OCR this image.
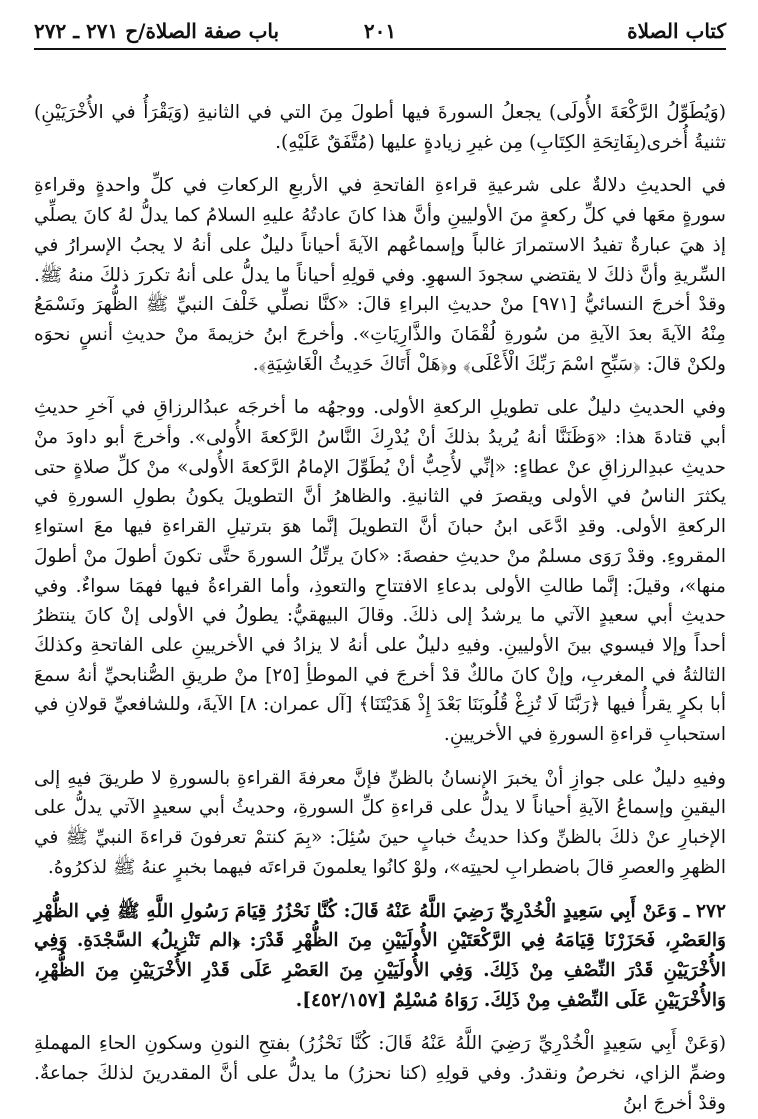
كتاب الصلاة
٢٠١
باب صفة الصلاة/ح ٢٧١ ـ ٢٧٢

(وَيُطَوِّلُ الرَّكْعَةَ الأُولَى) يجعلُ السورةَ فيها أطولَ مِنَ التي في الثانيةِ (وَيَقْرَأُ في الأُخْرَيَيْنِ) تثنيةُ أُخرى(بِفَاتِحَةِ الكِتَابِ) مِن غيرِ زيادةٍ عليها (مُتَّفَقٌ عَلَيْهِ).

في الحديثِ دلالةٌ على شرعيةِ قراءةِ الفاتحةِ في الأربعِ الركعاتِ في كلِّ واحدةٍ وقراءةِ سورةٍ معَها في كلِّ ركعةٍ منَ الأوليينِ وأنَّ هذا كانَ عادتُهُ عليهِ السلامُ كما يدلُّ لهُ كانَ يصلِّي إذ هيَ عبارةٌ تفيدُ الاستمرارَ غالباً وإسماعُهم الآيةَ أحياناً دليلٌ على أنهُ لا يجبُ الإسرارُ في السِّريةِ وأنَّ ذلكَ لا يقتضي سجودَ السهوِ. وفي قولِهِ أحياناً ما يدلُّ على أنهُ تكررَ ذلكَ منهُ ﷺ. وقدْ أخرجَ النسائيُّ [٩٧١] منْ حديثِ البراءِ قالَ: «كنَّا نصلِّي خَلْفَ النبيِّ ﷺ الظُّهرَ ونَسْمَعُ مِنْهُ الآيةَ بعدَ الآيةِ من سُورةِ لُقْمَانَ والذَّارِيَاتِ». وأخرجَ ابنُ خزيمةَ منْ حديثِ أنسٍ نحوَه ولكنْ قالَ: ﴿سَبِّحِ اسْمَ رَبِّكَ الْأَعْلَى﴾ و﴿هَلْ أَتَاكَ حَدِيثُ الْغَاشِيَةِ﴾.

وفي الحديثِ دليلٌ على تطويلِ الركعةِ الأولى. ووجهُه ما أخرجَه عبدُالرزاقِ في آخرِ حديثِ أبي قتادةَ هذا: «وَظَنَنَّا أنهُ يُريدُ بذلكَ أنْ يُدْرِكَ النَّاسُ الرَّكعةَ الأُولى». وأخرجَ أبو داودَ منْ حديثِ عبدِالرزاقِ عنْ عطاءٍ: «إنِّي لأُحِبُّ أنْ يُطَوِّلَ الإمامُ الرَّكعةَ الأُولى» منْ كلِّ صلاةٍ حتى يكثرَ الناسُ في الأولى ويقصرَ في الثانيةِ. والظاهرُ أنَّ التطويلَ يكونُ بطولِ السورةِ في الركعةِ الأولى. وقدِ ادَّعَى ابنُ حبانَ أنَّ التطويلَ إنَّما هوَ بترتيلِ القراءةِ فيها معَ استواءِ المقروءِ. وقدْ رَوَى مسلمٌ منْ حديثِ حفصةَ: «كانَ يرتِّلُ السورةَ حتَّى تكونَ أطولَ منْ أطولَ منها»، وقيلَ: إنَّما طالتِ الأولى بدعاءِ الافتتاحِ والتعوذِ، وأما القراءةُ فيها فهمَا سواءٌ. وفي حديثِ أبي سعيدٍ الآتي ما يرشدُ إلى ذلكَ. وقالَ البيهقيُّ: يطولُ في الأولى إنْ كانَ ينتظرُ أحداً وإلا فيسوي بينَ الأوليينِ. وفيهِ دليلٌ على أنهُ لا يزادُ في الأخريينِ على الفاتحةِ وكذلكَ الثالثةُ في المغربِ، وإنْ كانَ مالكٌ قدْ أخرجَ في الموطأِ [٢٥] منْ طريقِ الصُّنابحيِّ أنهُ سمعَ أبا بكرٍ يقرأُ فيها ﴿رَبَّنَا لَا تُزِغْ قُلُوبَنَا بَعْدَ إِذْ هَدَيْتَنَا﴾ [آل عمران: ٨] الآيةَ، وللشافعيِّ قولانِ في استحبابِ قراءةِ السورةِ في الأخريينِ.

وفيهِ دليلٌ على جوازِ أنْ يخبرَ الإنسانُ بالظنِّ فإنَّ معرفةَ القراءةِ بالسورةِ لا طريقَ فيهِ إلى اليقينِ وإسماعُ الآيةِ أحياناً لا يدلُّ على قراءةِ كلِّ السورةِ، وحديثُ أبي سعيدٍ الآتي يدلُّ على الإخبارِ عنْ ذلكَ بالظنِّ وكذا حديثُ خبابٍ حينَ سُئِلَ: «بِمَ كنتمْ تعرفونَ قراءةَ النبيِّ ﷺ في الظهرِ والعصرِ قالَ باضطرابِ لحيتِه»، ولوْ كانُوا يعلمونَ قراءتَه فيهما بخبرٍ عنهُ ﷺ لذكرُوهُ.

٢٧٢ ـ وَعَنْ أَبِي سَعِيدٍ الْخُدْرِيِّ رَضِيَ اللَّهُ عَنْهُ قَالَ: كُنَّا نَحْزُرُ قِيَامَ رَسُولِ اللَّهِ ﷺ فِي الظُّهْرِ وَالعَصْرِ، فَحَزَرْنَا قِيَامَهُ فِي الرَّكْعَتَيْنِ الأُولَيَيْنِ مِنَ الظُّهْرِ قَدْرَ: ﴿الم تَنْزِيلُ﴾ السَّجْدَةِ. وَفِي الأُخْرَيَيْنِ قَدْرَ النِّصْفِ مِنْ ذَلِكَ. وَفِي الأُولَيَيْنِ مِنَ العَصْرِ عَلَى قَدْرِ الأُخْرَيَيْنِ مِنَ الظُّهْرِ، وَالأُخْرَيَيْنِ عَلَى النِّصْفِ مِنْ ذَلِكَ. رَوَاهُ مُسْلِمٌ [٤٥٢/١٥٧].

(وَعَنْ أَبِي سَعِيدٍ الْخُدْرِيِّ رَضِيَ اللَّهُ عَنْهُ قَالَ: كُنَّا نَحْزُرُ) بفتحِ النونِ وسكونِ الحاءِ المهملةِ وضمِّ الزاي، نخرصُ ونقدرُ. وفي قولِهِ (كنا نحزرُ) ما يدلُّ على أنَّ المقدرينَ لذلكَ جماعةٌ. وقدْ أخرجَ ابنُ
